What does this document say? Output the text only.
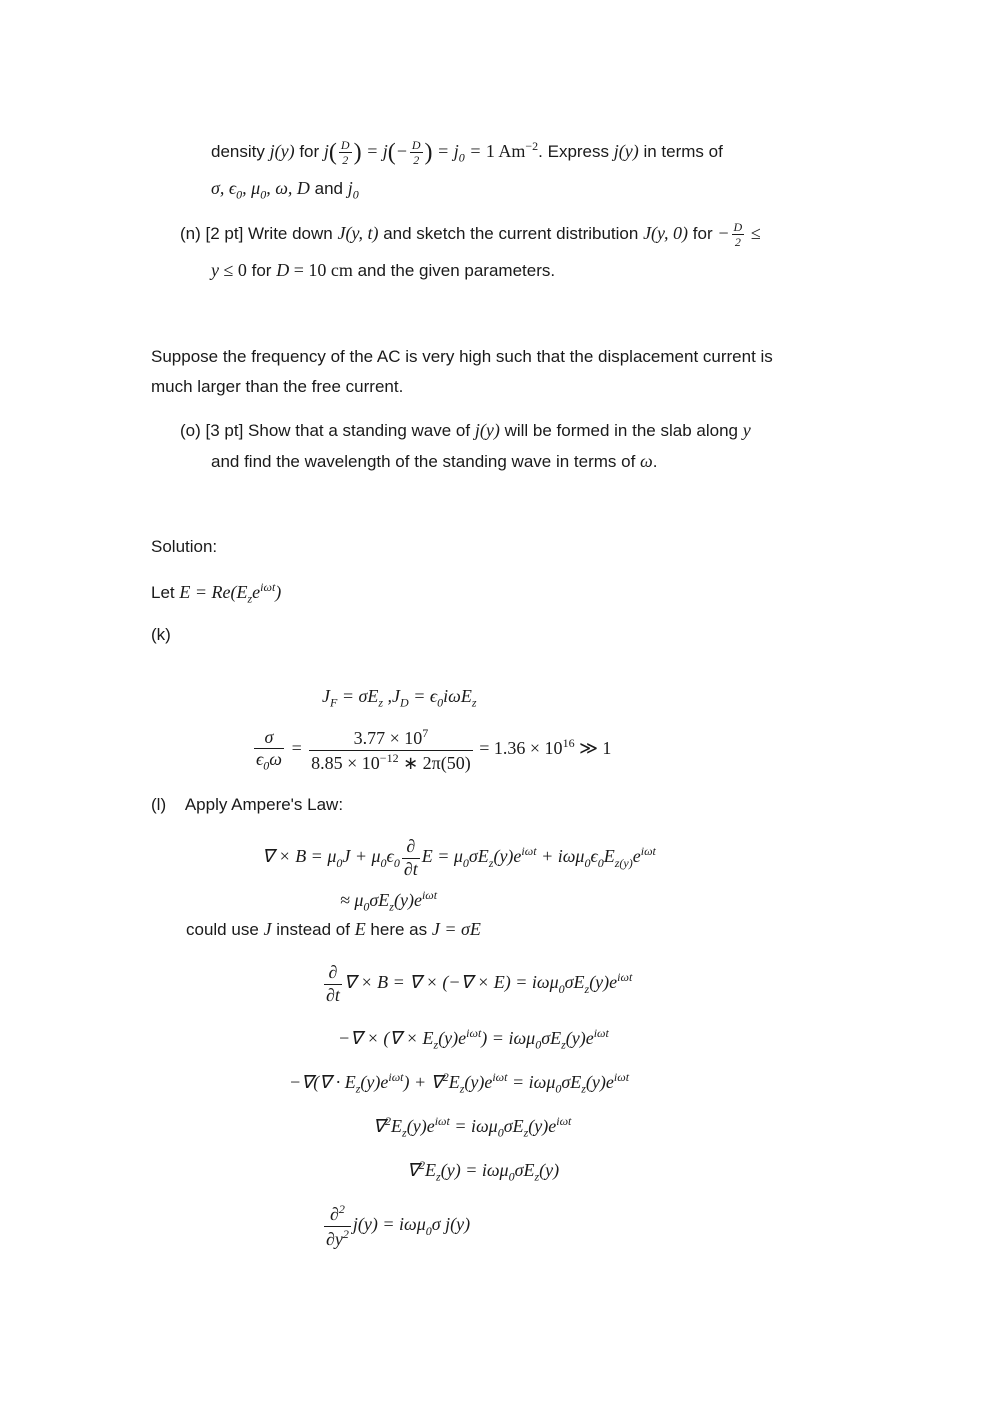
density j(y) for $j( \frac{D}{2}$ ) = $j(- \frac{D}{2}$ ) = $j_0 = 1$ $Am^{-2}$. Express j(y) in terms of
σ, $\epsilon_0$, $\mu_0$, ω, D and $j_0$
(n) [2 pt] Write down J(y, t) and sketch the current distribution J(y, 0) for − $\frac{D}{2}$ ≤
y ≤ 0 for D = 10 cm and the given parameters.
Suppose the frequency of the AC is very high such that the displacement current is
much larger than the free current.
(o) [3 pt] Show that a standing wave of j(y) will be formed in the slab along y
and find the wavelength of the standing wave in terms of ω.
Solution:
Let $E = Re(E_ze^{i\omega t})$
(k)
$J_F = \sigma E_z$ $,J_D = \epsilon_0i\omega E_z$
$\frac{\sigma}{\epsilon_0\omega} = \frac{3.77 \times 10^7}{8.85 \times 10^{-12} ∗ 2\pi(50)} = 1.36 \times 10^{16}$ ≫ 1
(l) Apply Ampere's Law:
∇ × $B = \mu_0J + \mu_0\epsilon_0 \frac{\partial}{\partial t}$ $E = \mu_0\sigma E_z(y)e^{i\omega t} + i\omega\mu_0\epsilon_0E_{z(y)}e^{i\omega t}$
≈ $\mu_0\sigma E_z(y)e^{i\omega t}$
could use J instead of E here as J = σE
$\frac{\partial}{\partial t}$ ∇ × B = ∇ × (−∇ × $E) = i\omega\mu_0\sigma E_z(y)e^{i\omega t}$
−∇ × (∇ × $E_z(y)e^{i\omega t}) = i\omega\mu_0\sigma E_z(y)e^{i\omega t}$
−∇(∇ · $E_z(y)e^{i\omega t}) + \nabla^2E_z(y)e^{i\omega t} = i\omega\mu_0\sigma E_z(y)e^{i\omega t}$
$\nabla^2E_z(y)e^{i\omega t} = i\omega\mu_0\sigma E_z(y)e^{i\omega t}$
$\nabla^2E_z(y) = i\omega\mu_0\sigma E_z(y)$
$\frac{\partial^2}{\partial y^2} j(y) = i\omega\mu_0\sigma$ j(y)
